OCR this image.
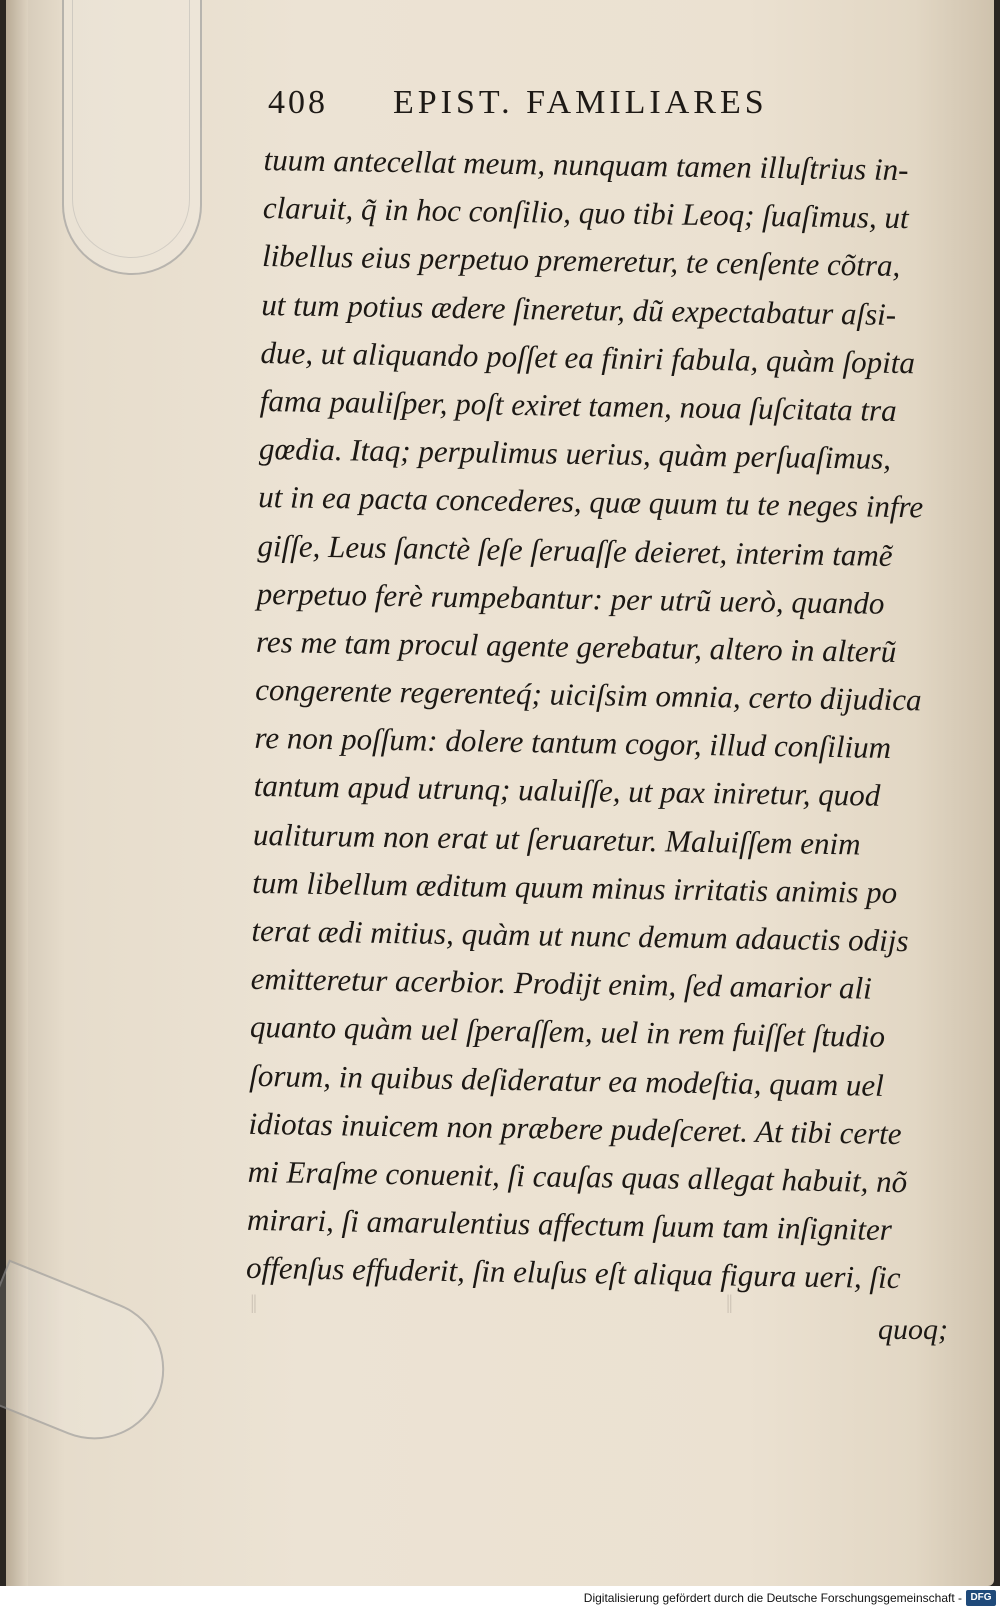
408 EPIST. FAMILIARES
tuum antecellat meum, nunquam tamen illuſtrius in-
claruit, q̃ in hoc conſilio, quo tibi Leoq; ſuaſimus, ut
libellus eius perpetuo premeretur, te cenſente cõtra,
ut tum potius ædere ſineretur, dũ expectabatur aſsi-
due, ut aliquando poſſet ea finiri fabula, quàm ſopita
fama pauliſper, poſt exiret tamen, noua ſuſcitata tra
gœdia. Itaq; perpulimus uerius, quàm perſuaſimus,
ut in ea pacta concederes, quæ quum tu te neges infre
giſſe, Leus ſanctè ſeſe ſeruaſſe deieret, interim tamẽ
perpetuo ferè rumpebantur: per utrũ uerò, quando
res me tam procul agente gerebatur, altero in alterũ
congerente regerenteq́; uiciſsim omnia, certo dijudica
re non poſſum: dolere tantum cogor, illud conſilium
tantum apud utrunq; ualuiſſe, ut pax iniretur, quod
ualiturum non erat ut ſeruaretur. Maluiſſem enim
tum libellum æditum quum minus irritatis animis po
terat ædi mitius, quàm ut nunc demum adauctis odijs
emitteretur acerbior. Prodijt enim, ſed amarior ali
quanto quàm uel ſperaſſem, uel in rem fuiſſet ſtudio
ſorum, in quibus deſideratur ea modeſtia, quam uel
idiotas inuicem non præbere pudeſceret. At tibi certe
mi Eraſme conuenit, ſi cauſas quas allegat habuit, nõ
mirari, ſi amarulentius affectum ſuum tam inſigniter
offenſus effuderit, ſin eluſus eſt aliqua figura ueri, ſic
ǁ                                     ǁ
quoq;
Digitalisierung gefördert durch die Deutsche Forschungsgemeinschaft - DFG
